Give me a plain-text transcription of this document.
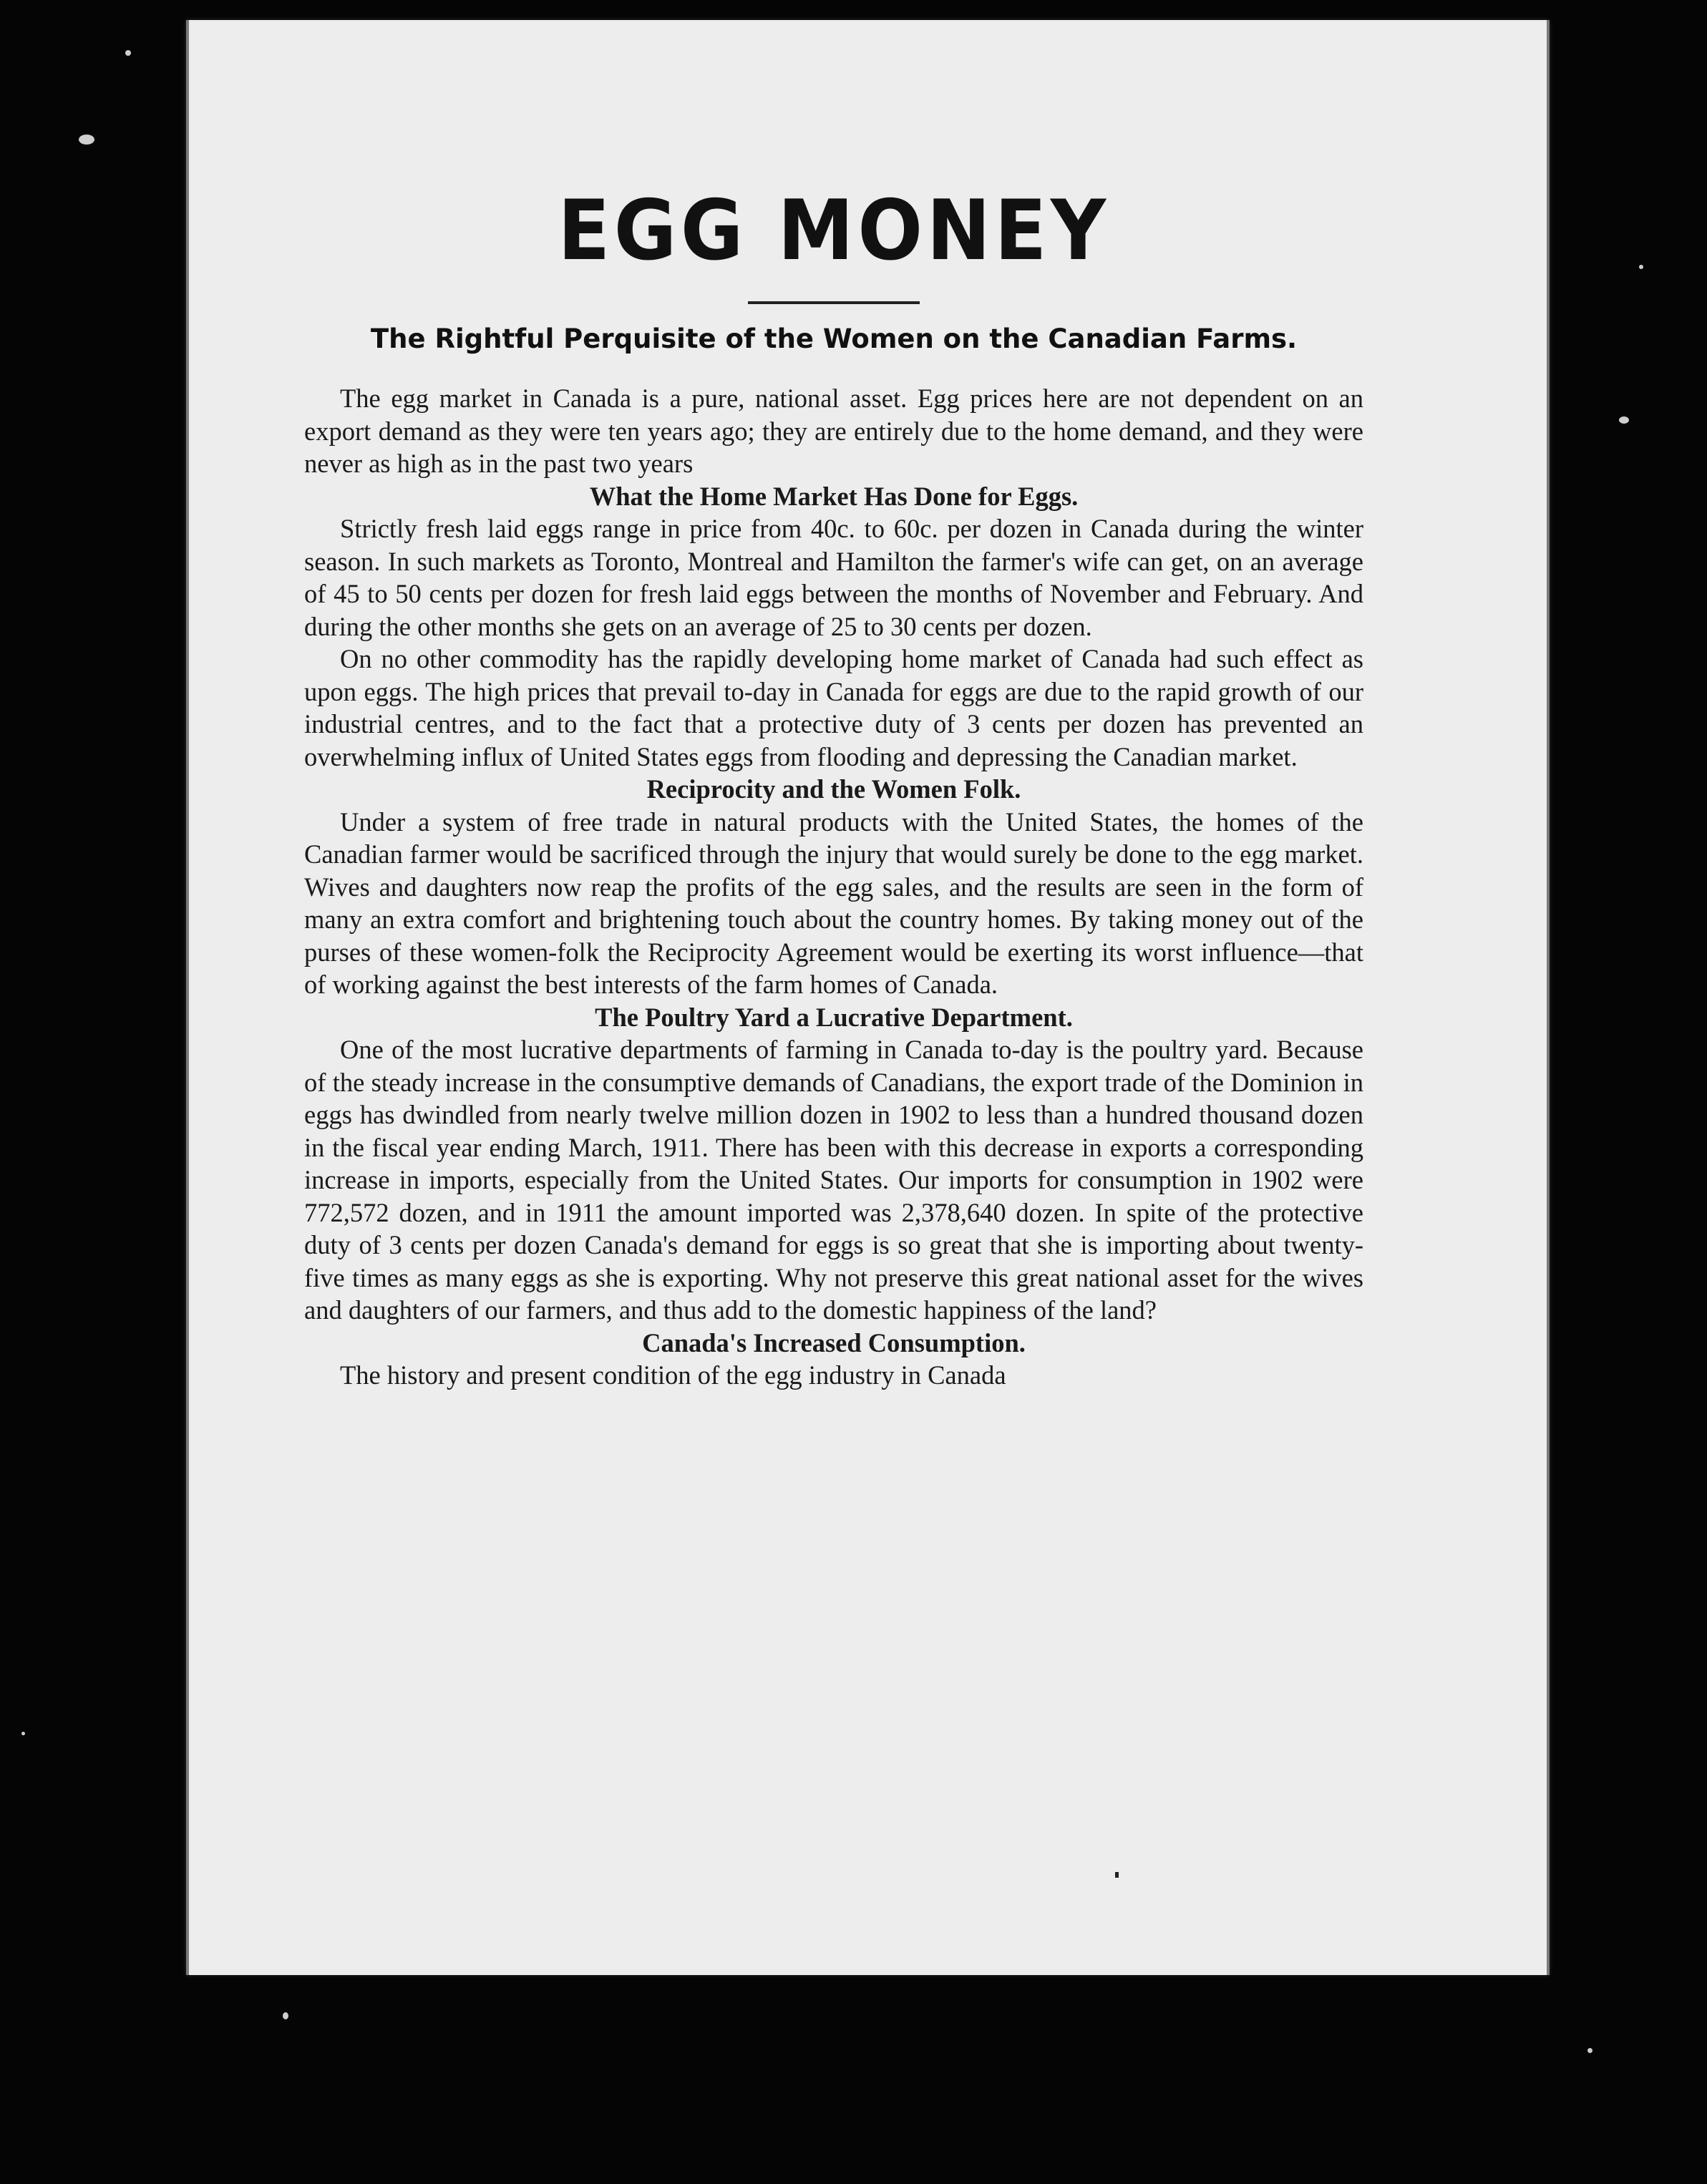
EGG MONEY
The Rightful Perquisite of the Women on the Canadian Farms.

The egg market in Canada is a pure, national asset. Egg prices here are not dependent on an export demand as they were ten years ago; they are entirely due to the home demand, and they were never as high as in the past two years

What the Home Market Has Done for Eggs.

Strictly fresh laid eggs range in price from 40c. to 60c. per dozen in Canada during the winter season. In such markets as Toronto, Montreal and Hamilton the farmer's wife can get, on an average of 45 to 50 cents per dozen for fresh laid eggs between the months of November and February. And during the other months she gets on an average of 25 to 30 cents per dozen.

On no other commodity has the rapidly developing home market of Canada had such effect as upon eggs. The high prices that prevail to-day in Canada for eggs are due to the rapid growth of our industrial centres, and to the fact that a protective duty of 3 cents per dozen has prevented an overwhelming influx of United States eggs from flooding and depressing the Canadian market.

Reciprocity and the Women Folk.

Under a system of free trade in natural products with the United States, the homes of the Canadian farmer would be sacrificed through the injury that would surely be done to the egg market. Wives and daughters now reap the profits of the egg sales, and the results are seen in the form of many an extra comfort and brightening touch about the country homes. By taking money out of the purses of these women-folk the Reciprocity Agreement would be exerting its worst influence—that of working against the best interests of the farm homes of Canada.

The Poultry Yard a Lucrative Department.

One of the most lucrative departments of farming in Canada to-day is the poultry yard. Because of the steady increase in the consumptive demands of Canadians, the export trade of the Dominion in eggs has dwindled from nearly twelve million dozen in 1902 to less than a hundred thousand dozen in the fiscal year ending March, 1911. There has been with this decrease in exports a corresponding increase in imports, especially from the United States. Our imports for consumption in 1902 were 772,572 dozen, and in 1911 the amount imported was 2,378,640 dozen. In spite of the protective duty of 3 cents per dozen Canada's demand for eggs is so great that she is importing about twenty-five times as many eggs as she is exporting. Why not preserve this great national asset for the wives and daughters of our farmers, and thus add to the domestic happiness of the land?

Canada's Increased Consumption.

The history and present condition of the egg industry in Canada
